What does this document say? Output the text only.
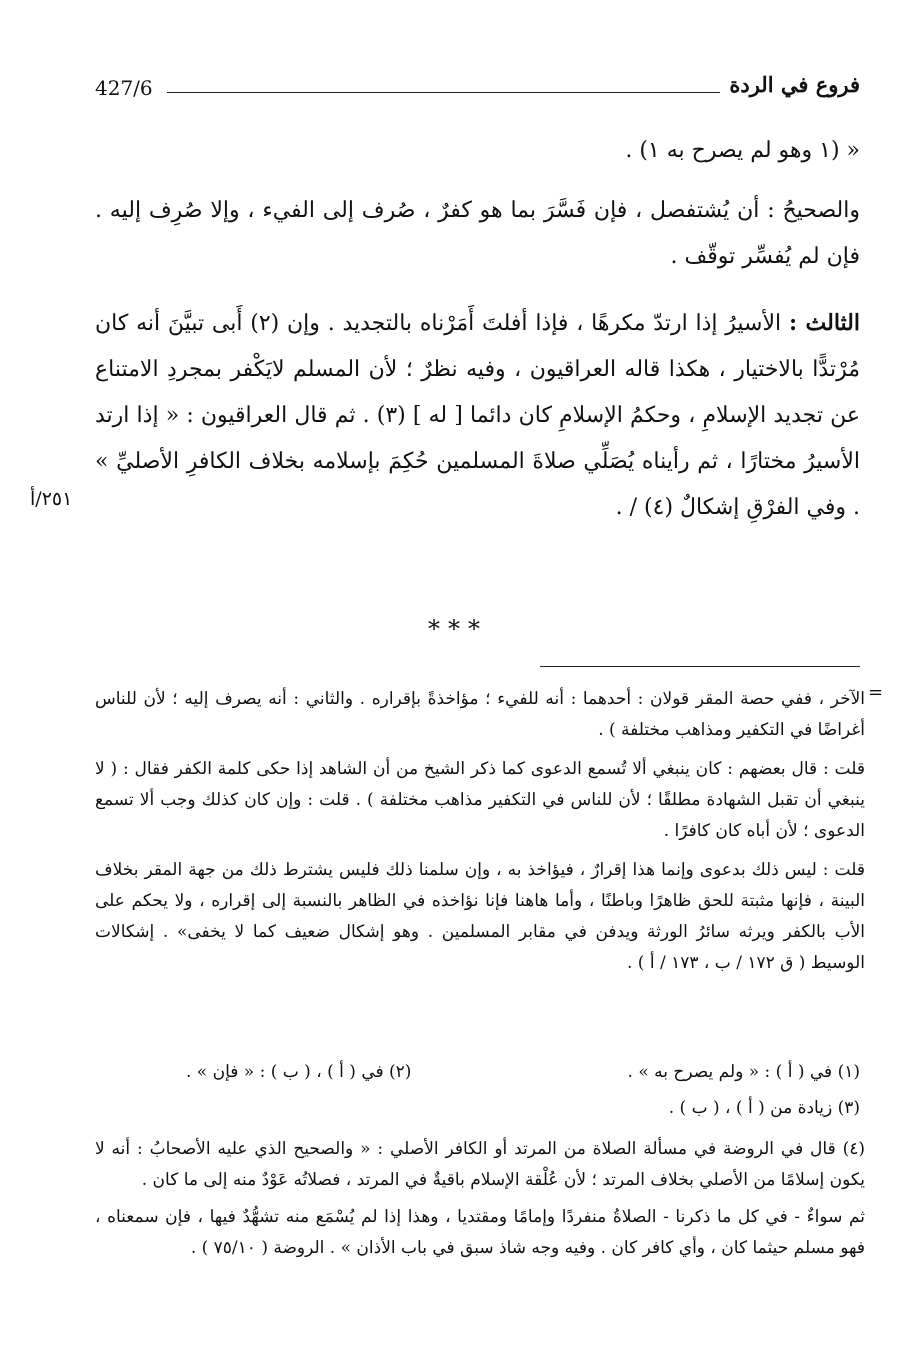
427/6	فروع في الردة

« (١ وهو لم يصرح به ١) .

والصحيحُ : أن يُشتفصل ، فإن فَسَّرَ بما هو كفرٌ ، صُرف إلى الفيء ، وإلا صُرِف إليه . فإن لم يُفسِّر توقّف .

الثالث : الأسيرُ إذا ارتدّ مكرهًا ، فإذا أفلتَ أَمَرْناه بالتجديد . وإن (٢) أَبى تبيَّنَ أنه كان مُرْتدًّا بالاختيار ، هكذا قاله العراقيون ، وفيه نظرٌ ؛ لأن المسلم لايَكْفر بمجردِ الامتناع عن تجديد الإسلامِ ، وحكمُ الإسلامِ كان دائما [ له ] (٣) . ثم قال العراقيون : « إذا ارتد الأسيرُ مختارًا ، ثم رأيناه يُصَلِّي صلاةَ المسلمين حُكِمَ بإسلامه بخلاف الكافرِ الأصليِّ » . وفي الفرْقِ إشكالٌ (٤) / .

٢٥١/أ
***
=

الآخر ، ففي حصة المقر قولان : أحدهما : أنه للفيء ؛ مؤاخذةً بإقراره . والثاني : أنه يصرف إليه ؛ لأن للناس أغراضًا في التكفير ومذاهب مختلفة ) .

قلت : قال بعضهم : كان ينبغي ألا تُسمع الدعوى كما ذكر الشيخ من أن الشاهد إذا حكى كلمة الكفر فقال : ( لا ينبغي أن تقبل الشهادة مطلقًا ؛ لأن للناس في التكفير مذاهب مختلفة ) . قلت : وإن كان كذلك وجب ألا تسمع الدعوى ؛ لأن أباه كان كافرًا .

قلت : ليس ذلك بدعوى وإنما هذا إقرارٌ ، فيؤاخذ به ، وإن سلمنا ذلك فليس يشترط ذلك من جهة المقر بخلاف البينة ، فإنها مثبتة للحق ظاهرًا وباطنًا ، وأما هاهنا فإنا نؤاخذه في الظاهر بالنسبة إلى إقراره ، ولا يحكم على الأب بالكفر ويرثه سائرُ الورثة ويدفن في مقابر المسلمين . وهو إشكال ضعيف كما لا يخفى» . إشكالات الوسيط ( ق ١٧٢ / ب ، ١٧٣ / أ ) .

(١) في ( أ ) : « ولم يصرح به » .
(٢) في ( أ ) ، ( ب ) : « فإن » .
(٣) زيادة من ( أ ) ، ( ب ) .

(٤) قال في الروضة في مسألة الصلاة من المرتد أو الكافر الأصلي : « والصحيح الذي عليه الأصحابُ : أنه لا يكون إسلامًا من الأصلي بخلاف المرتد ؛ لأن عُلْقة الإسلام باقيةٌ في المرتد ، فصلاتُه عَوْدٌ منه إلى ما كان .

ثم سواءٌ - في كل ما ذكرنا - الصلاةُ منفردًا وإمامًا ومقتديا ، وهذا إذا لم يُسْمَع منه تشهُّدٌ فيها ، فإن سمعناه ، فهو مسلم حيثما كان ، وأي كافر كان . وفيه وجه شاذ سبق في باب الأذان » . الروضة ( ٧٥/١٠ ) .
